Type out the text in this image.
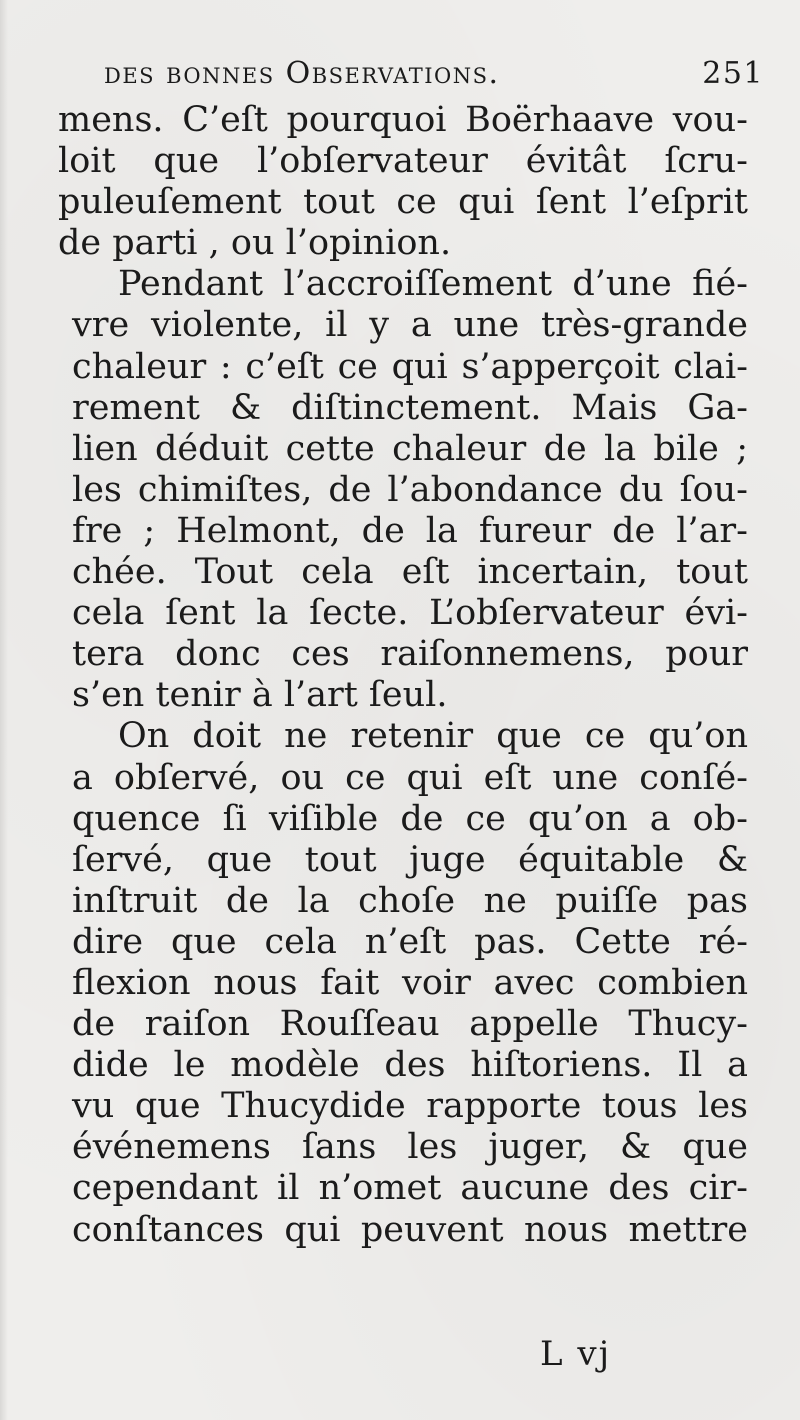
des bonnes Observations.	251
mens. C’eſt pourquoi Boërhaave vou-
loit que l’obſervateur évitât ſcru-
puleuſement tout ce qui ſent l’eſprit
de parti , ou l’opinion.
Pendant l’accroiſſement d’une fié-
vre violente, il y a une très-grande
chaleur : c’eſt ce qui s’apperçoit clai-
rement & diſtinctement. Mais Ga-
lien déduit cette chaleur de la bile ;
les chimiſtes, de l’abondance du ſou-
fre ; Helmont, de la fureur de l’ar-
chée. Tout cela eſt incertain, tout
cela ſent la ſecte. L’obſervateur évi-
tera donc ces raiſonnemens, pour
s’en tenir à l’art ſeul.
On doit ne retenir que ce qu’on
a obſervé, ou ce qui eſt une conſé-
quence ſi viſible de ce qu’on a ob-
ſervé, que tout juge équitable &
inſtruit de la choſe ne puiſſe pas
dire que cela n’eſt pas. Cette ré-
flexion nous fait voir avec combien
de raiſon Rouſſeau appelle Thucy-
dide le modèle des hiſtoriens. Il a
vu que Thucydide rapporte tous les
événemens ſans les juger, & que
cependant il n’omet aucune des cir-
conſtances qui peuvent nous mettre
L vj
